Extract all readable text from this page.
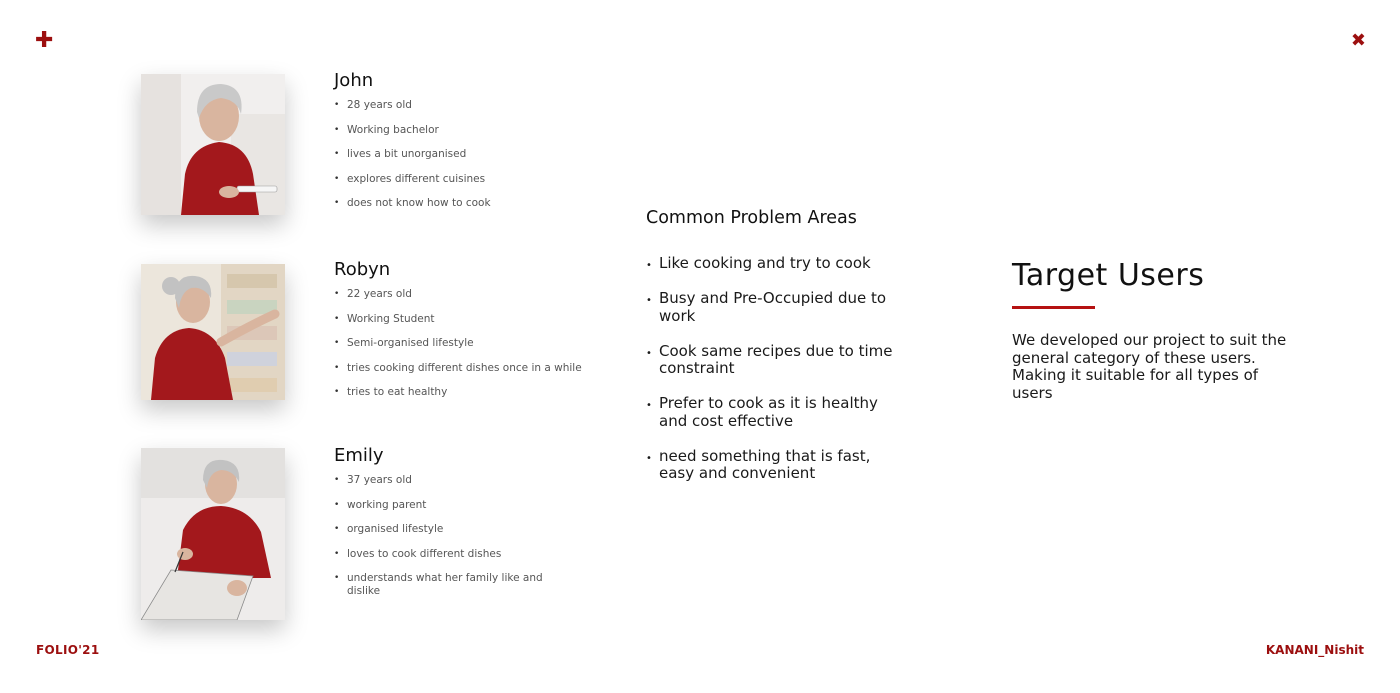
✚	✖
John
• 28 years old
• Working bachelor
• lives a bit unorganised
• explores different cuisines
• does not know how to cook
Robyn
• 22 years old
• Working Student
• Semi-organised lifestyle
• tries cooking different dishes once in a while
• tries to eat healthy
Emily
• 37 years old
• working parent
• organised lifestyle
• loves to cook different dishes
• understands what her family like and dislike
Common Problem Areas
• Like cooking and try to cook
• Busy and Pre-Occupied due to work
• Cook same recipes due to time constraint
• Prefer to cook as it is healthy and cost effective
• need something that is fast, easy and convenient
Target Users

We developed our project to suit the general category of these users. Making it suitable for all types of users

FOLIO'21	KANANI_Nishit
